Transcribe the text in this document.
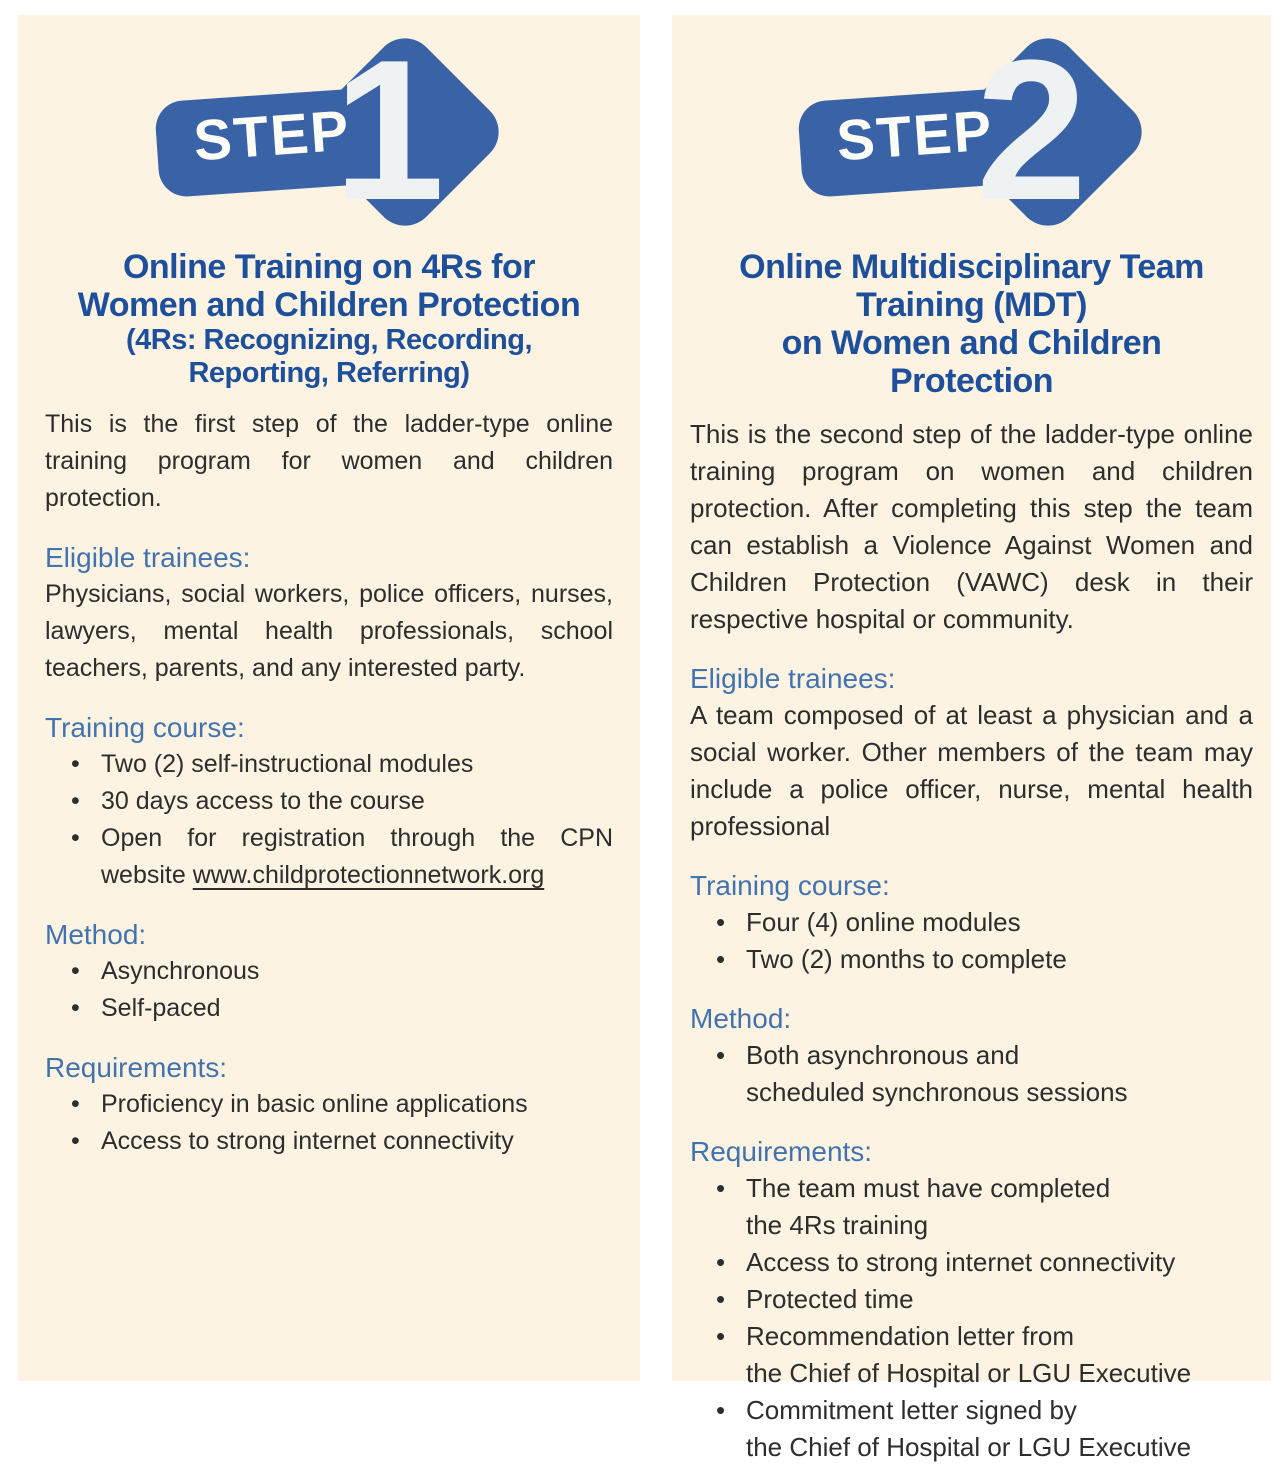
STEP
1
Online Training on 4Rs for
Women and Children Protection
(4Rs: Recognizing, Recording,
Reporting, Referring)

This is the first step of the ladder-type online training program for women and children protection.

Eligible trainees:

Physicians, social workers, police officers, nurses, lawyers, mental health professionals, school teachers, parents, and any interested party.

Training course:
• Two (2) self-instructional modules
• 30 days access to the course
• Open for registration through the CPN
website www.childprotectionnetwork.org
Method:
• Asynchronous
• Self-paced
Requirements:
• Proficiency in basic online applications
• Access to strong internet connectivity
STEP
2
Online Multidisciplinary Team
Training (MDT)
on Women and Children
Protection

This is the second step of the ladder-type online training program on women and children protection. After completing this step the team can establish a Violence Against Women and Children Protection (VAWC) desk in their respective hospital or community.

Eligible trainees:

A team composed of at least a physician and a social worker. Other members of the team may include a police officer, nurse, mental health professional

Training course:
• Four (4) online modules
• Two (2) months to complete
Method:
• Both asynchronous and
scheduled synchronous sessions
Requirements:
• The team must have completed
the 4Rs training
• Access to strong internet connectivity
• Protected time
• Recommendation letter from
the Chief of Hospital or LGU Executive
• Commitment letter signed by
the Chief of Hospital or LGU Executive
